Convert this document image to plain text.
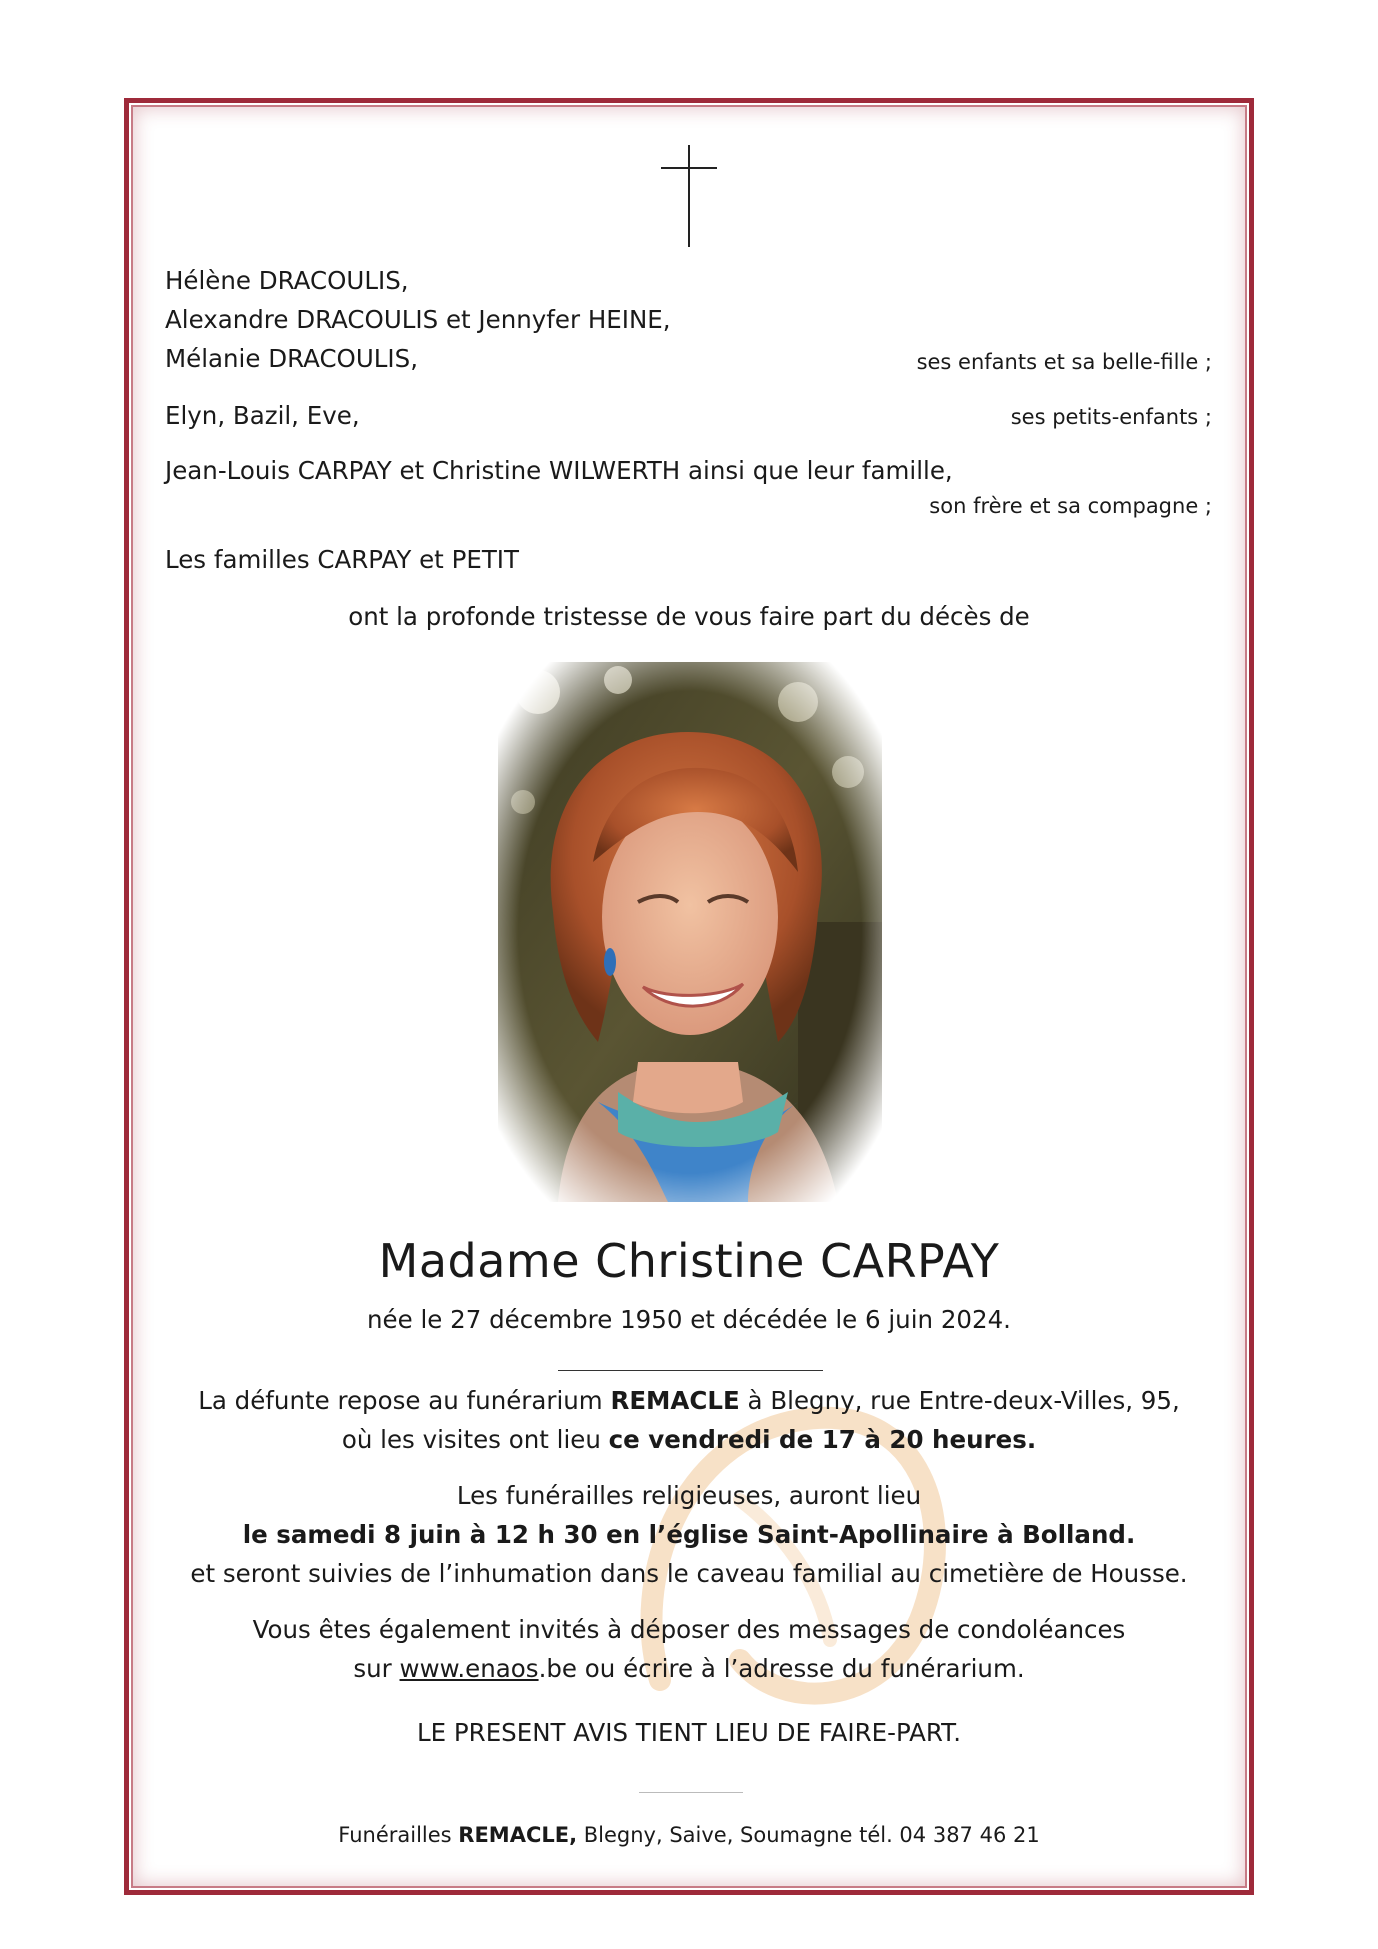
Hélène DRACOULIS,
Alexandre DRACOULIS et Jennyfer HEINE,
Mélanie DRACOULIS,	ses enfants et sa belle-fille ;
Elyn, Bazil, Eve,	ses petits-enfants ;
Jean-Louis CARPAY et Christine WILWERTH ainsi que leur famille,
son frère et sa compagne ;
Les familles CARPAY et PETIT
ont la profonde tristesse de vous faire part du décès de
Madame Christine CARPAY
née le 27 décembre 1950 et décédée le 6 juin 2024.
La défunte repose au funérarium REMACLE à Blegny, rue Entre-deux-Villes, 95,
où les visites ont lieu ce vendredi de 17 à 20 heures.
Les funérailles religieuses, auront lieu
le samedi 8 juin à 12 h 30 en l’église Saint-Apollinaire à Bolland.
et seront suivies de l’inhumation dans le caveau familial au cimetière de Housse.
Vous êtes également invités à déposer des messages de condoléances
sur www.enaos.be ou écrire à l’adresse du funérarium.
LE PRESENT AVIS TIENT LIEU DE FAIRE-PART.
Funérailles REMACLE, Blegny, Saive, Soumagne tél. 04 387 46 21
